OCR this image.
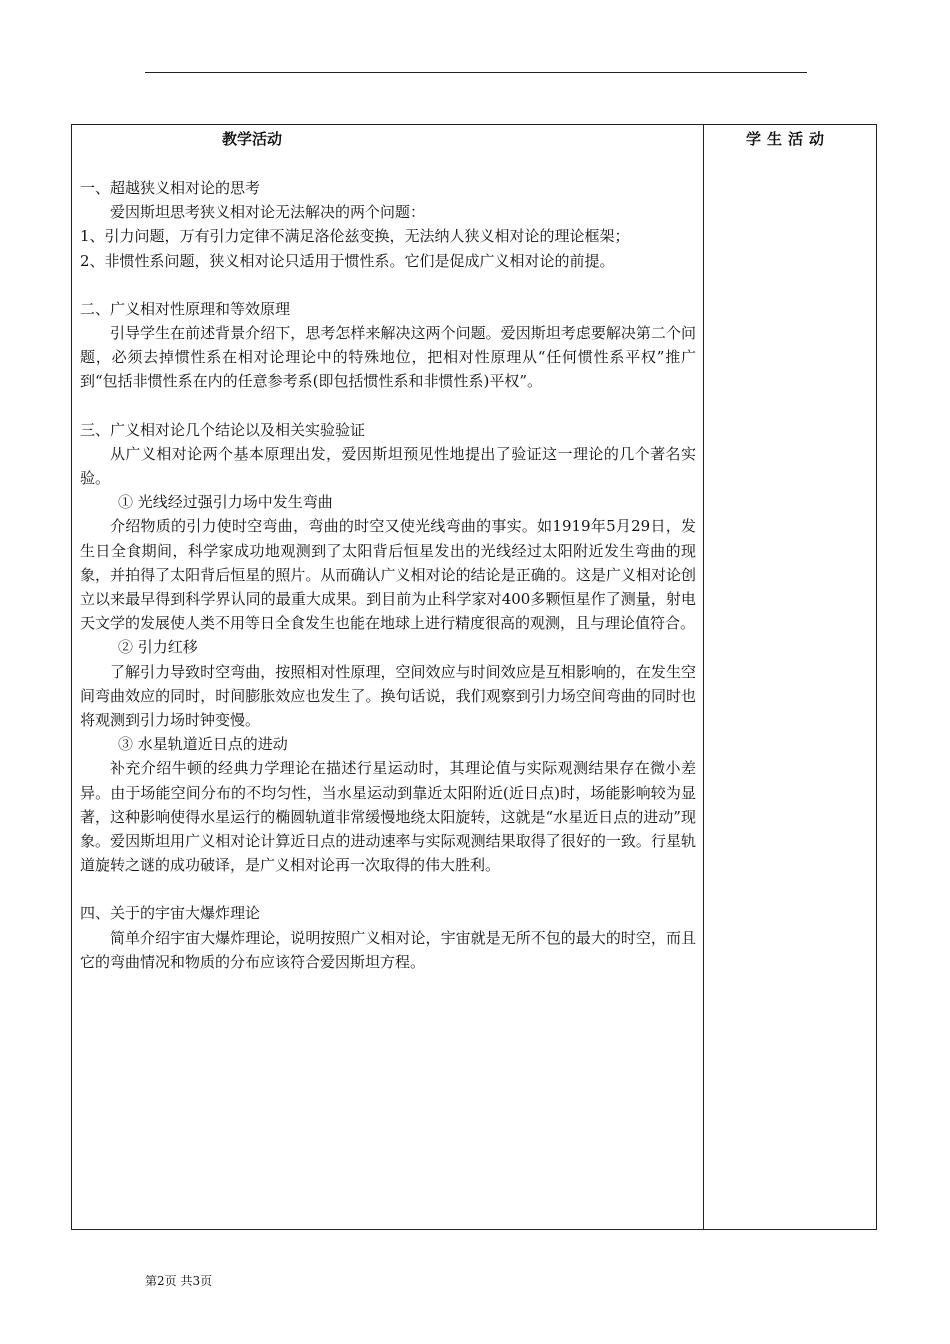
教学活动	学生活动

一、超越狭义相对论的思考

爱因斯坦思考狭义相对论无法解决的两个问题：

1、引力问题，万有引力定律不满足洛伦兹变换，无法纳人狭义相对论的理论框架；

2、非惯性系问题，狭义相对论只适用于惯性系。它们是促成广义相对论的前提。

二、广义相对性原理和等效原理

引导学生在前述背景介绍下，思考怎样来解决这两个问题。爱因斯坦考虑要解决第二个问题，必须去掉惯性系在相对论理论中的特殊地位，把相对性原理从“任何惯性系平权”推广到“包括非惯性系在内的任意参考系(即包括惯性系和非惯性系)平权”。

三、广义相对论几个结论以及相关实验验证

从广义相对论两个基本原理出发，爱因斯坦预见性地提出了验证这一理论的几个著名实验。

① 光线经过强引力场中发生弯曲

介绍物质的引力使时空弯曲，弯曲的时空又使光线弯曲的事实。如1919年5月29日，发生日全食期间，科学家成功地观测到了太阳背后恒星发出的光线经过太阳附近发生弯曲的现象，并拍得了太阳背后恒星的照片。从而确认广义相对论的结论是正确的。这是广义相对论创立以来最早得到科学界认同的最重大成果。到目前为止科学家对400多颗恒星作了测量，射电天文学的发展使人类不用等日全食发生也能在地球上进行精度很高的观测，且与理论值符合。

② 引力红移

了解引力导致时空弯曲，按照相对性原理，空间效应与时间效应是互相影响的，在发生空间弯曲效应的同时，时间膨胀效应也发生了。换句话说，我们观察到引力场空间弯曲的同时也将观测到引力场时钟变慢。

③ 水星轨道近日点的进动

补充介绍牛顿的经典力学理论在描述行星运动时，其理论值与实际观测结果存在微小差异。由于场能空间分布的不均匀性，当水星运动到靠近太阳附近(近日点)时，场能影响较为显著，这种影响使得水星运行的椭圆轨道非常缓慢地绕太阳旋转，这就是“水星近日点的进动”现象。爱因斯坦用广义相对论计算近日点的进动速率与实际观测结果取得了很好的一致。行星轨道旋转之谜的成功破译，是广义相对论再一次取得的伟大胜利。

四、关于的宇宙大爆炸理论

简单介绍宇宙大爆炸理论，说明按照广义相对论，宇宙就是无所不包的最大的时空，而且它的弯曲情况和物质的分布应该符合爱因斯坦方程。

第2页 共3页
